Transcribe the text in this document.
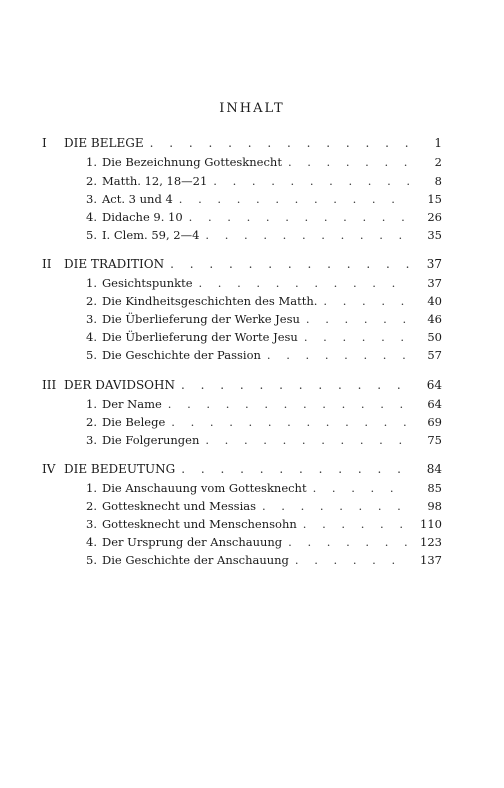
INHALT
I	DIE BELEGE . . .	1
1. Die Bezeichnung Gottesknecht . . .	2
2. Matth. 12, 18—21 . . .	8
3. Act. 3 und 4 . . .	15
4. Didache 9. 10 . . .	26
5. I. Clem. 59, 2—4 . . .	35
II	DIE TRADITION . . .	37
1. Gesichtspunkte . . .	37
2. Die Kindheitsgeschichten des Matth. . . .	40
3. Die Überlieferung der Werke Jesu . . .	46
4. Die Überlieferung der Worte Jesu . . .	50
5. Die Geschichte der Passion . . .	57
III DER DAVIDSOHN . . .	64
1. Der Name . . .	64
2. Die Belege . . .	69
3. Die Folgerungen . . .	75
IV DIE BEDEUTUNG . . .	84
1. Die Anschauung vom Gottesknecht . . .	85
2. Gottesknecht und Messias . . .	98
3. Gottesknecht und Menschensohn . . .	110
4. Der Ursprung der Anschauung . . .	123
5. Die Geschichte der Anschauung . . .	137
